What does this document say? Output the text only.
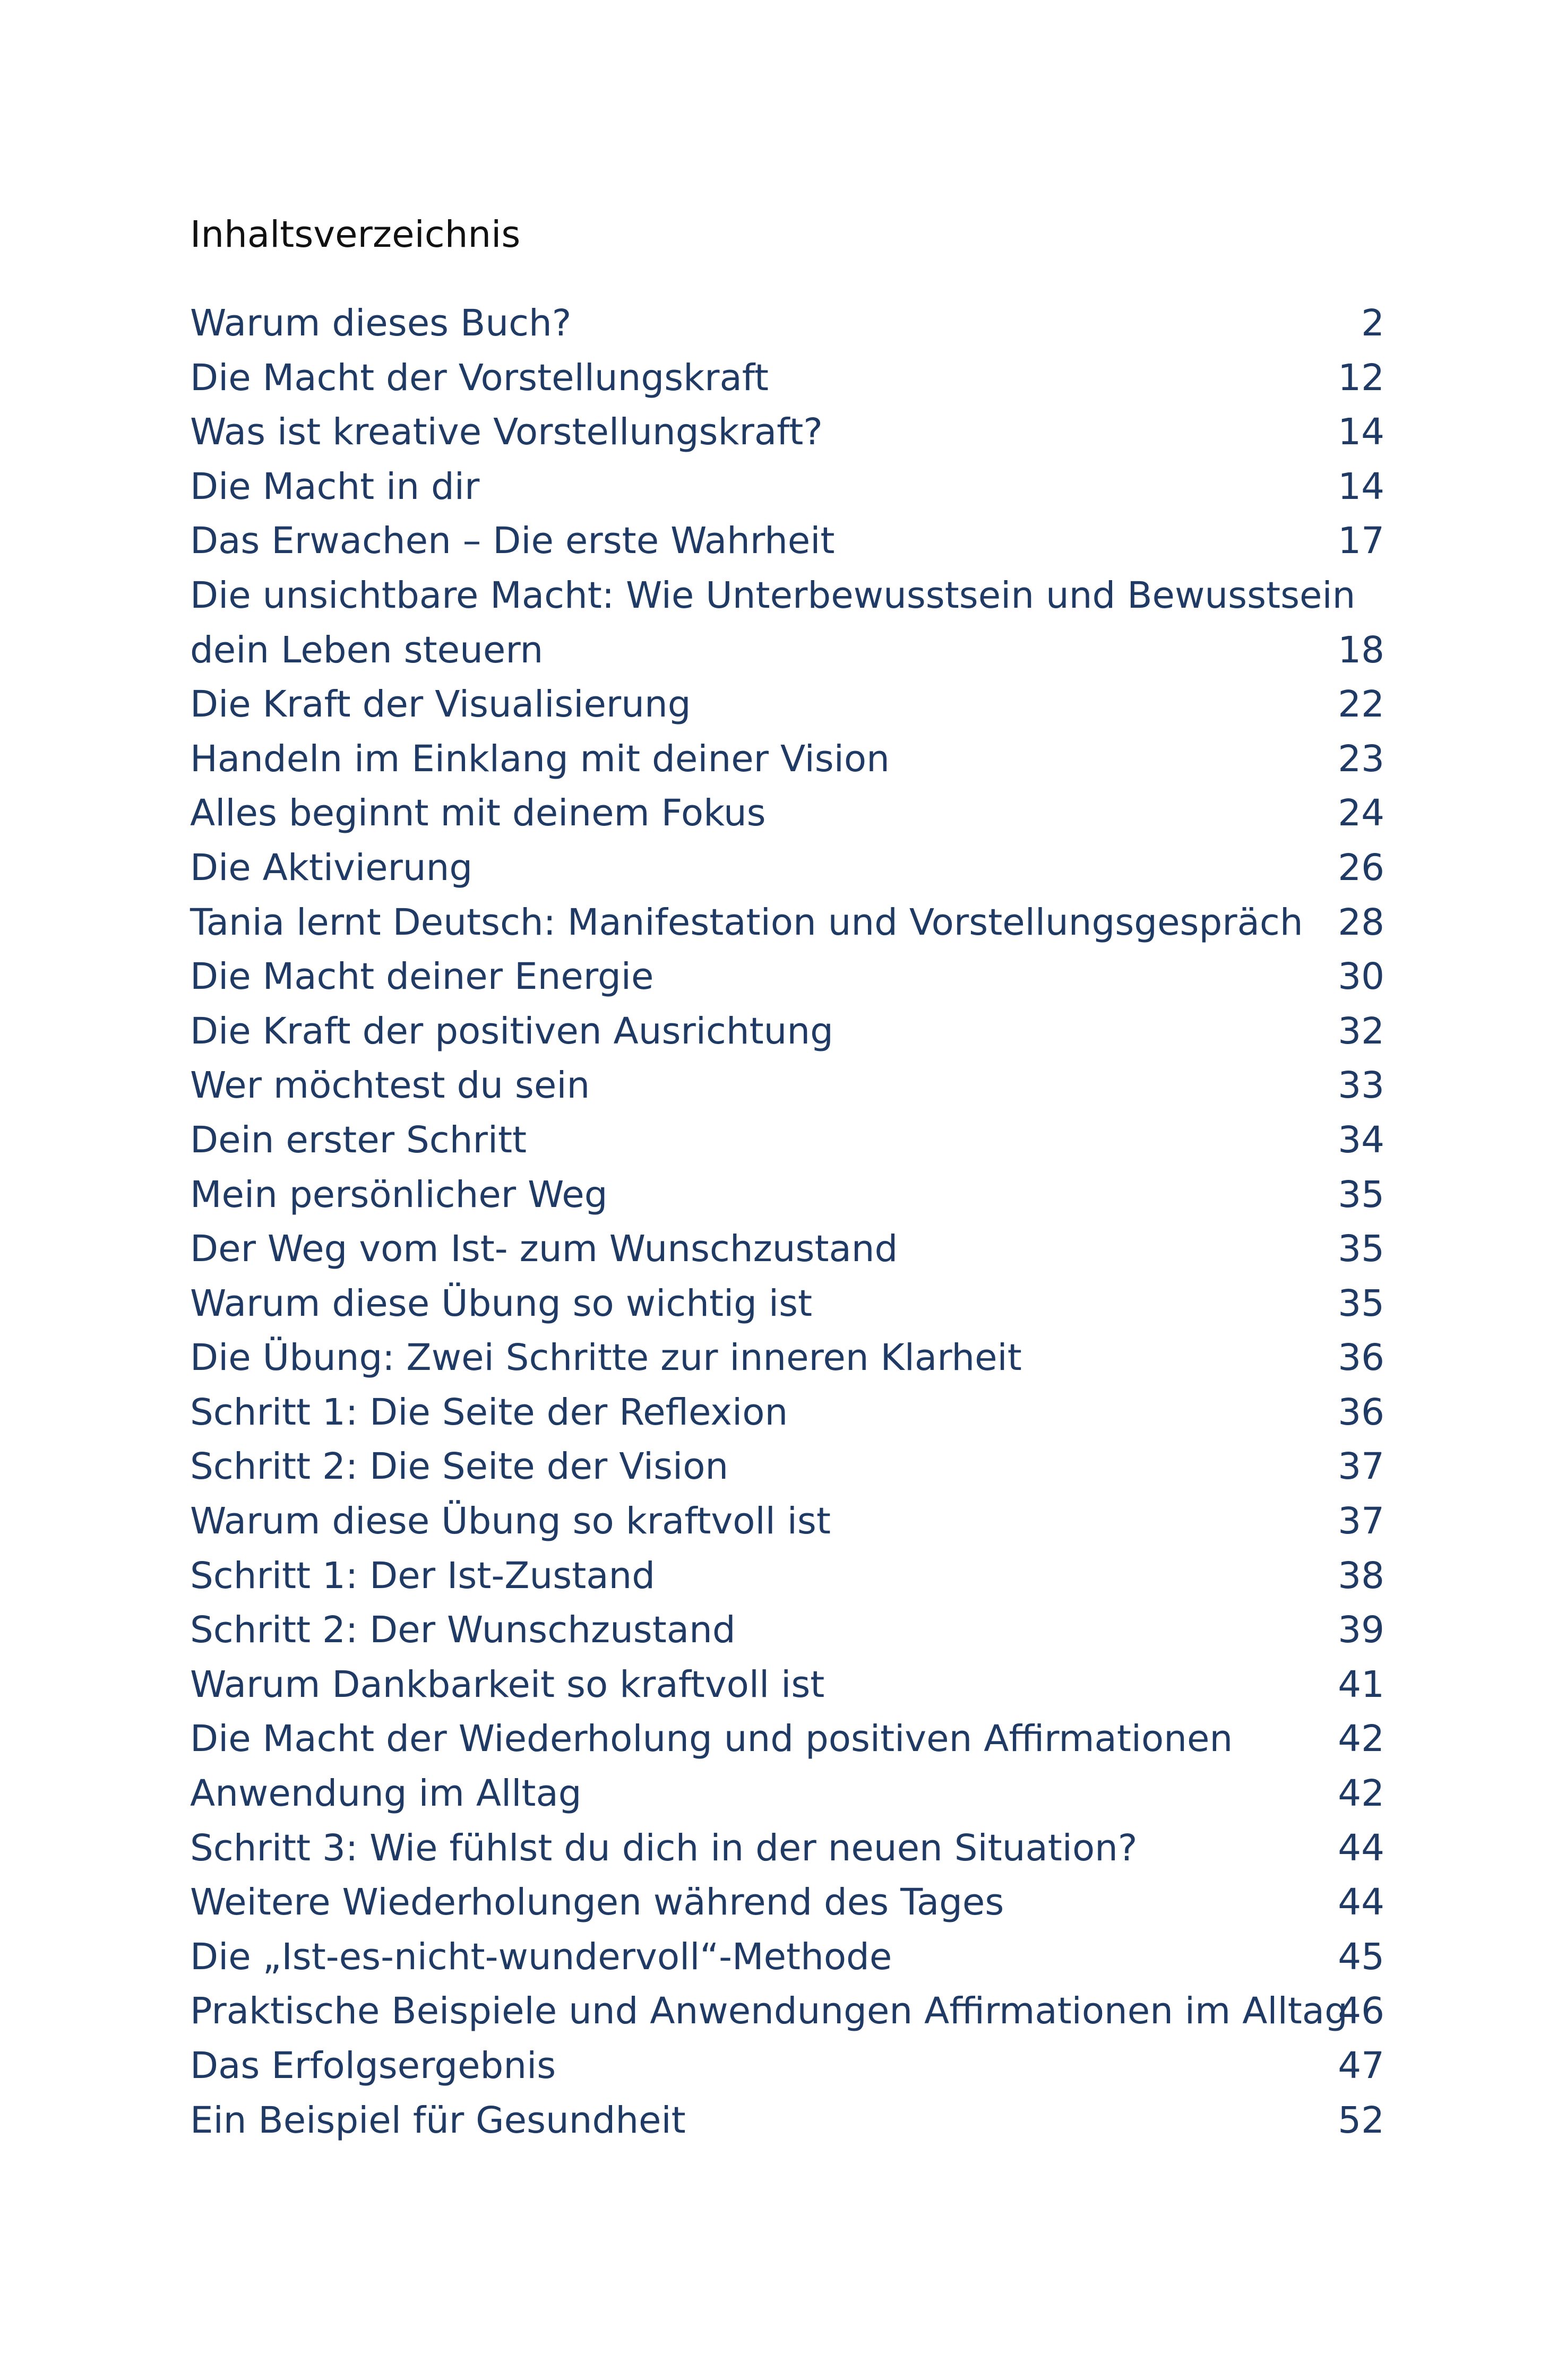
Inhaltsverzeichnis
Warum dieses Buch?	2
Die Macht der Vorstellungskraft	12
Was ist kreative Vorstellungskraft?	14
Die Macht in dir	14
Das Erwachen – Die erste Wahrheit	17
Die unsichtbare Macht: Wie Unterbewusstsein und Bewusstsein dein Leben steuern	18
Die Kraft der Visualisierung	22
Handeln im Einklang mit deiner Vision	23
Alles beginnt mit deinem Fokus	24
Die Aktivierung	26
Tania lernt Deutsch: Manifestation und Vorstellungsgespräch 28
Die Macht deiner Energie	30
Die Kraft der positiven Ausrichtung	32
Wer möchtest du sein	33
Dein erster Schritt	34
Mein persönlicher Weg	35
Der Weg vom Ist- zum Wunschzustand	35
Warum diese Übung so wichtig ist	35
Die Übung: Zwei Schritte zur inneren Klarheit	36
Schritt 1: Die Seite der Reflexion	36
Schritt 2: Die Seite der Vision	37
Warum diese Übung so kraftvoll ist	37
Schritt 1: Der Ist-Zustand	38
Schritt 2: Der Wunschzustand	39
Warum Dankbarkeit so kraftvoll ist	41
Die Macht der Wiederholung und positiven Affirmationen	42
Anwendung im Alltag	42
Schritt 3: Wie fühlst du dich in der neuen Situation?	44
Weitere Wiederholungen während des Tages	44
Die „Ist-es-nicht-wundervoll“-Methode	45
Praktische Beispiele und Anwendungen Affirmationen im Alltag
46
Das Erfolgsergebnis	47
Ein Beispiel für Gesundheit	52
